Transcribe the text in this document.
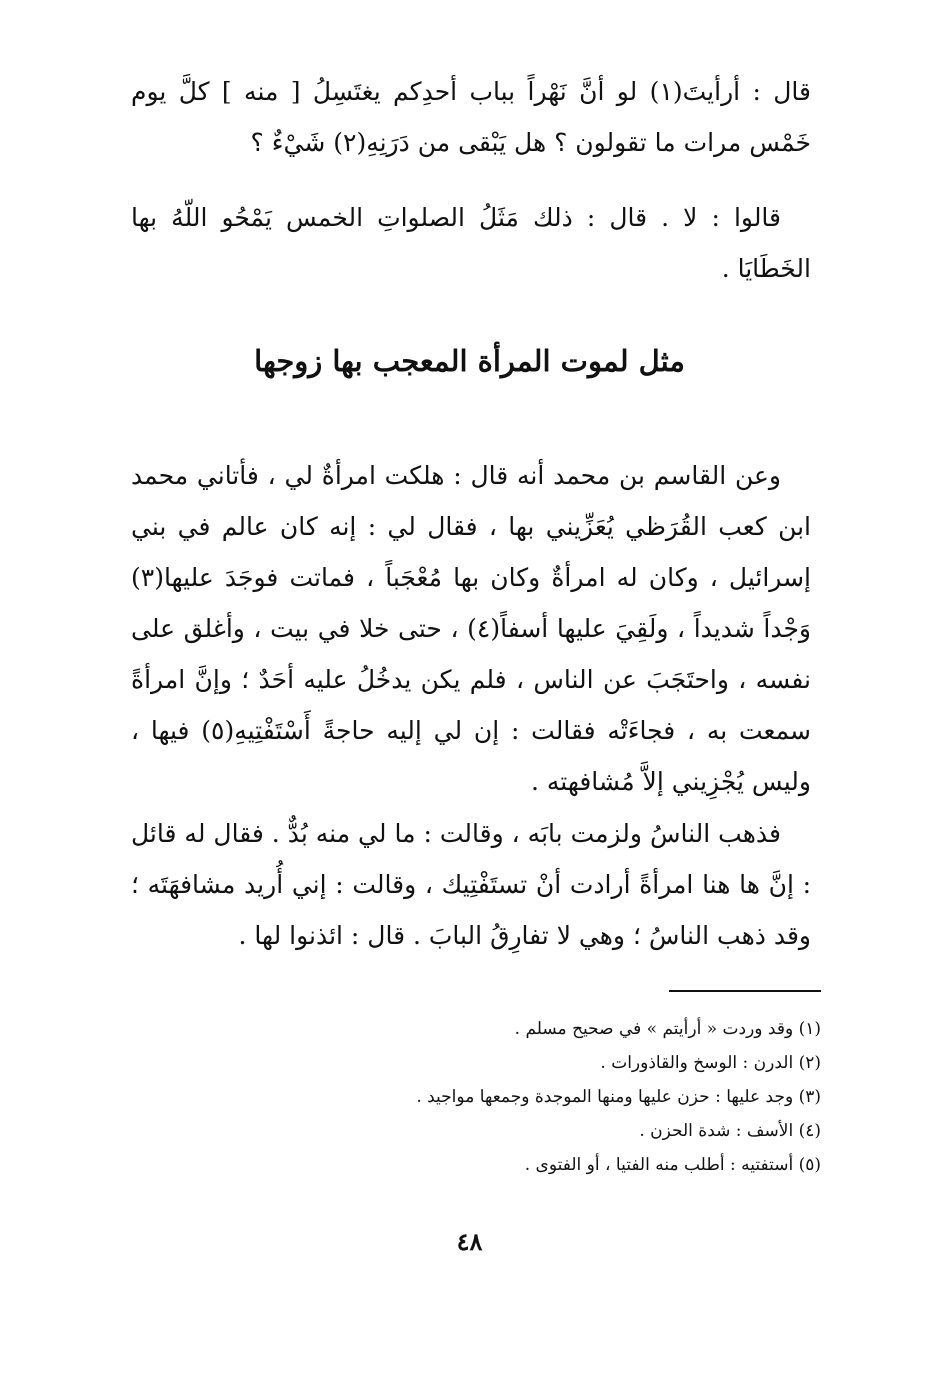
قال : أرأيتَ(١) لو أنَّ نَهْراً بباب أحدِكم يغتَسِلُ [ منه ] كلَّ يوم خَمْس مرات ما تقولون ؟ هل يَبْقى من دَرَنِهِ(٢) شَيْءٌ ؟

قالوا : لا . قال : ذلك مَثَلُ الصلواتِ الخمس يَمْحُو اللّهُ بها الخَطَايَا .

مثل لموت المرأة المعجب بها زوجها

وعن القاسم بن محمد أنه قال : هلكت امرأةٌ لي ، فأتاني محمد ابن كعب القُرَظي يُعَزِّيني بها ، فقال لي : إنه كان عالم في بني إسرائيل ، وكان له امرأةٌ وكان بها مُعْجَباً ، فماتت فوجَدَ عليها(٣) وَجْداً شديداً ، ولَقِيَ عليها أسفاً(٤) ، حتى خلا في بيت ، وأغلق على نفسه ، واحتَجَبَ عن الناس ، فلم يكن يدخُلُ عليه أحَدٌ ؛ وإنَّ امرأةً سمعت به ، فجاءَتْه فقالت : إن لي إليه حاجةً أَسْتَفْتِيهِ(٥) فيها ، وليس يُجْزِيني إلاَّ مُشافهته .

فذهب الناسُ ولزمت بابَه ، وقالت : ما لي منه بُدٌّ . فقال له قائل : إنَّ ها هنا امرأةً أرادت أنْ تستَفْتِيك ، وقالت : إني أُريد مشافهَتَه ؛ وقد ذهب الناسُ ؛ وهي لا تفارِقُ البابَ . قال : ائذنوا لها .

(١) وقد وردت « أرأيتم » في صحيح مسلم .

(٢) الدرن : الوسخ والقاذورات .

(٣) وجد عليها : حزن عليها ومنها الموجدة وجمعها مواجيد .

(٤) الأسف : شدة الحزن .

(٥) أستفتيه : أطلب منه الفتيا ، أو الفتوى .

٤٨
